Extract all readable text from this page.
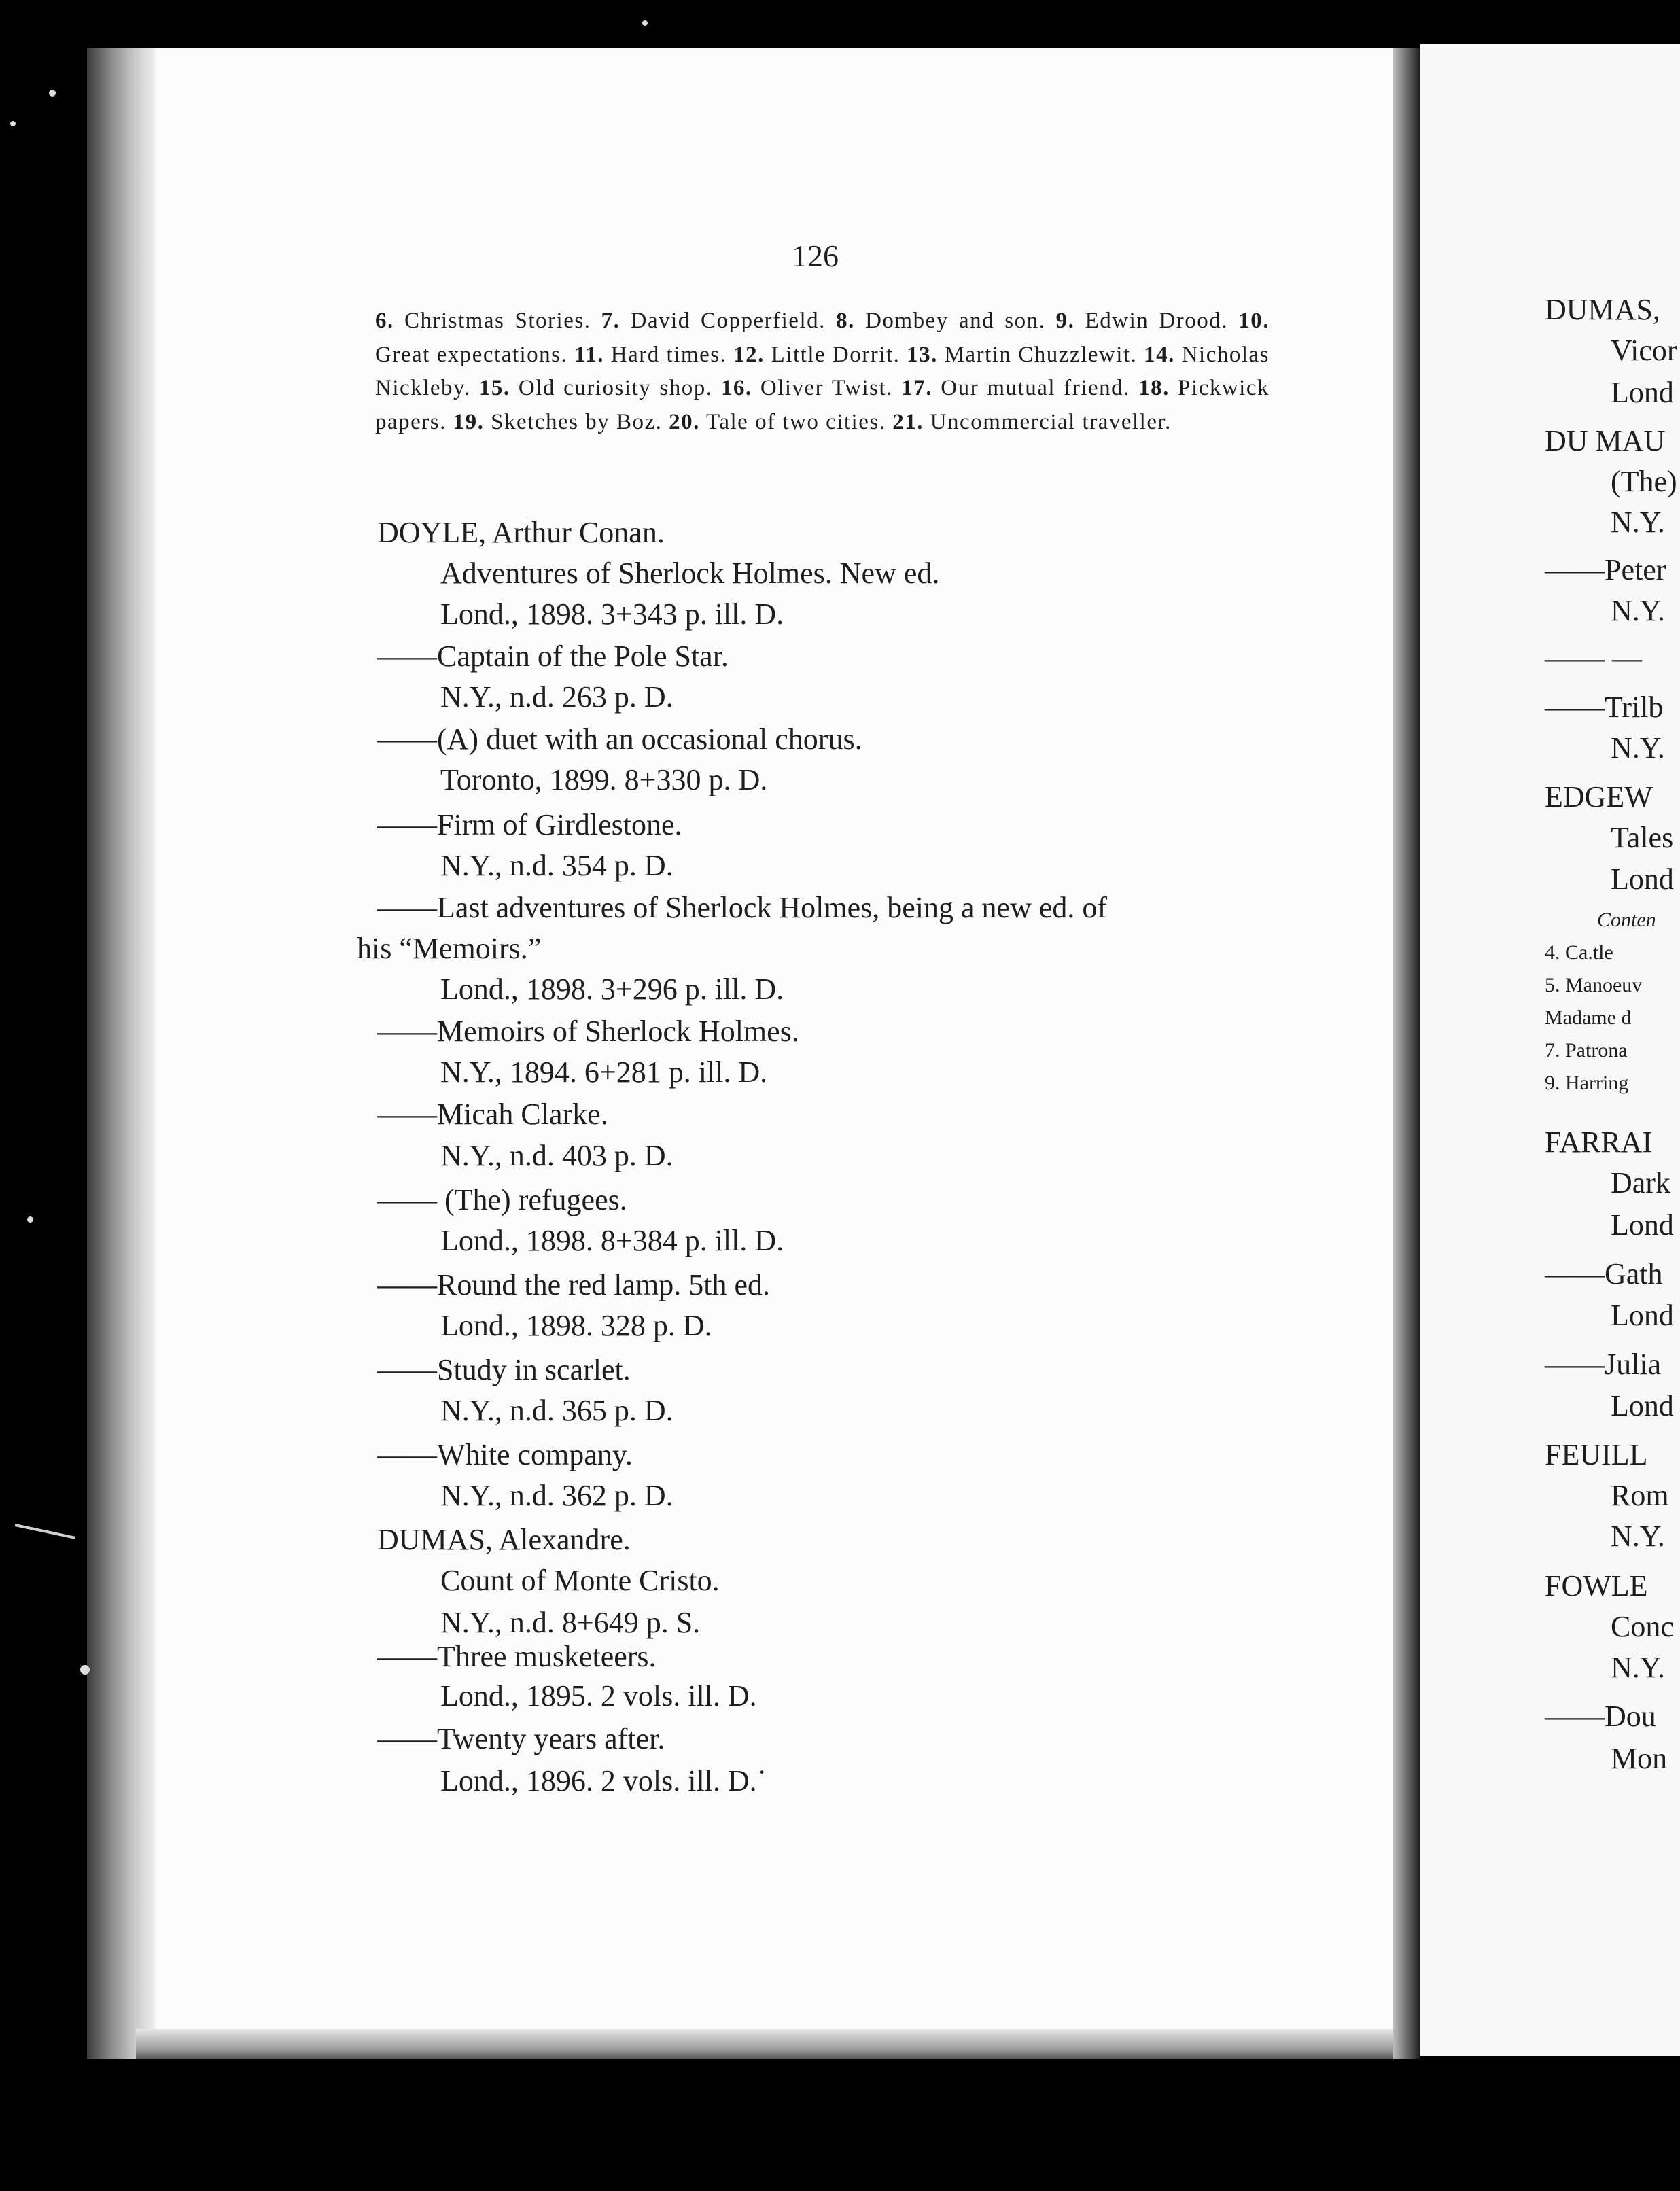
DUMAS,
Vicor
Lond
DU MAU
(The)
N.Y.
——Peter
N.Y.
—— —
——Trilb
N.Y.
EDGEW
Tales
Lond
Conten
4. Ca.tle
5. Manoeuv
Madame d
7. Patrona
9. Harring
FARRAI
Dark
Lond
——Gath
Lond
——Julia
Lond
FEUILL
Rom
N.Y.
FOWLE
Conc
N.Y.
——Dou
Mon
126

6. Christmas Stories. 7. David Copperfield. 8. Dombey and son. 9. Edwin Drood. 10. Great expectations. 11. Hard times. 12. Little Dorrit. 13. Martin Chuzzlewit. 14. Nicholas Nickleby. 15. Old curiosity shop. 16. Oliver Twist. 17. Our mutual friend. 18. Pickwick papers. 19. Sketches by Boz. 20. Tale of two cities. 21. Uncommercial traveller.

DOYLE, Arthur Conan.
Adventures of Sherlock Holmes. New ed.
Lond., 1898. 3+343 p. ill. D.
——Captain of the Pole Star.
N.Y., n.d. 263 p. D.
——(A) duet with an occasional chorus.
Toronto, 1899. 8+330 p. D.
——Firm of Girdlestone.
N.Y., n.d. 354 p. D.
——Last adventures of Sherlock Holmes, being a new ed. of
his “Memoirs.”
Lond., 1898. 3+296 p. ill. D.
——Memoirs of Sherlock Holmes.
N.Y., 1894. 6+281 p. ill. D.
——Micah Clarke.
N.Y., n.d. 403 p. D.
—— (The) refugees.
Lond., 1898. 8+384 p. ill. D.
——Round the red lamp. 5th ed.
Lond., 1898. 328 p. D.
——Study in scarlet.
N.Y., n.d. 365 p. D.
——White company.
N.Y., n.d. 362 p. D.
DUMAS, Alexandre.
Count of Monte Cristo.
N.Y., n.d. 8+649 p. S.
——Three musketeers.
Lond., 1895. 2 vols. ill. D.
——Twenty years after.
Lond., 1896. 2 vols. ill. D.˙
